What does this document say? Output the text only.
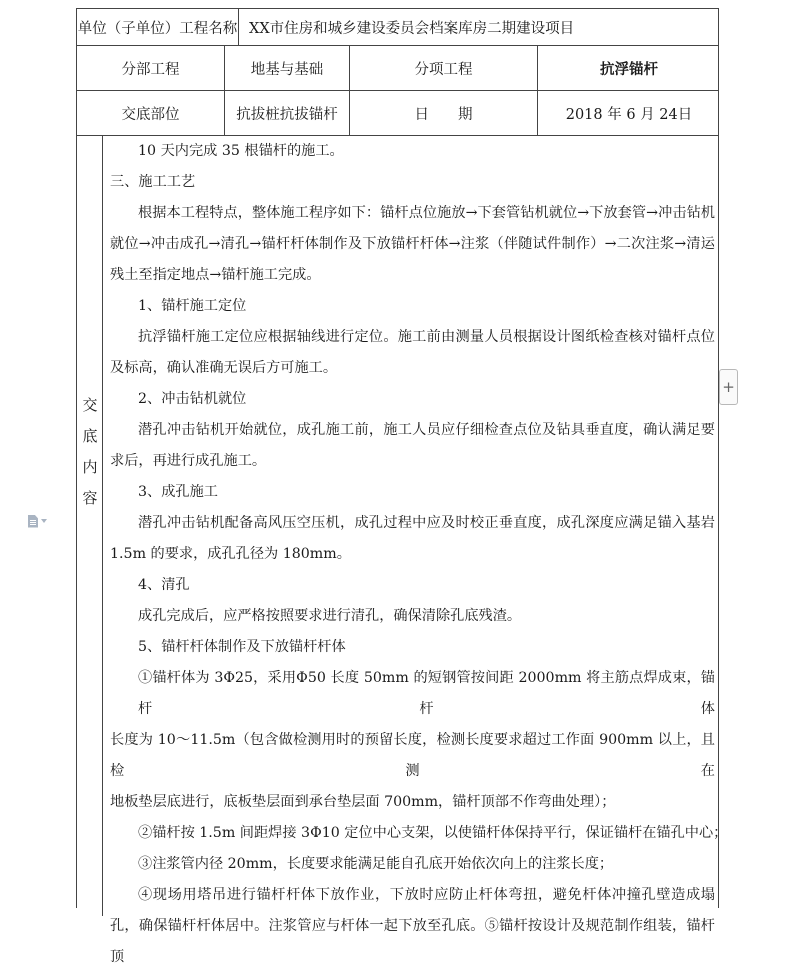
单位（子单位）工程名称 XX市住房和城乡建设委员会档案库房二期建设项目
分部工程	地基与基础	分项工程	抗浮锚杆
交底部位	抗拔桩抗拔锚杆	日　　期	2018 年 6 月 24日
交
底
内
容
10 天内完成 35 根锚杆的施工。
三、施工工艺
根据本工程特点，整体施工程序如下：锚杆点位施放→下套管钻机就位→下放套管→冲击钻机
就位→冲击成孔→清孔→锚杆杆体制作及下放锚杆杆体→注浆（伴随试件制作）→二次注浆→清运
残土至指定地点→锚杆施工完成。
1、锚杆施工定位
抗浮锚杆施工定位应根据轴线进行定位。施工前由测量人员根据设计图纸检查核对锚杆点位
及标高，确认准确无误后方可施工。
2、冲击钻机就位
潜孔冲击钻机开始就位，成孔施工前，施工人员应仔细检查点位及钻具垂直度，确认满足要
求后，再进行成孔施工。
3、成孔施工
潜孔冲击钻机配备高风压空压机，成孔过程中应及时校正垂直度，成孔深度应满足锚入基岩
1.5m 的要求，成孔孔径为 180mm。
4、清孔
成孔完成后，应严格按照要求进行清孔，确保清除孔底残渣。
5、锚杆杆体制作及下放锚杆杆体
①锚杆体为 3Φ25，采用Φ50 长度 50mm 的短钢管按间距 2000mm 将主筋点焊成束，锚杆杆体
长度为 10～11.5m（包含做检测用时的预留长度，检测长度要求超过工作面 900mm 以上，且检测在
地板垫层底进行，底板垫层面到承台垫层面 700mm，锚杆顶部不作弯曲处理）；
②锚杆按 1.5m 间距焊接 3Φ10 定位中心支架，以使锚杆体保持平行，保证锚杆在锚孔中心；
③注浆管内径 20mm，长度要求能满足能自孔底开始依次向上的注浆长度；
④现场用塔吊进行锚杆杆体下放作业，下放时应防止杆体弯扭，避免杆体冲撞孔壁造成塌
孔，确保锚杆杆体居中。注浆管应与杆体一起下放至孔底。⑤锚杆按设计及规范制作组装，锚杆顶
+
